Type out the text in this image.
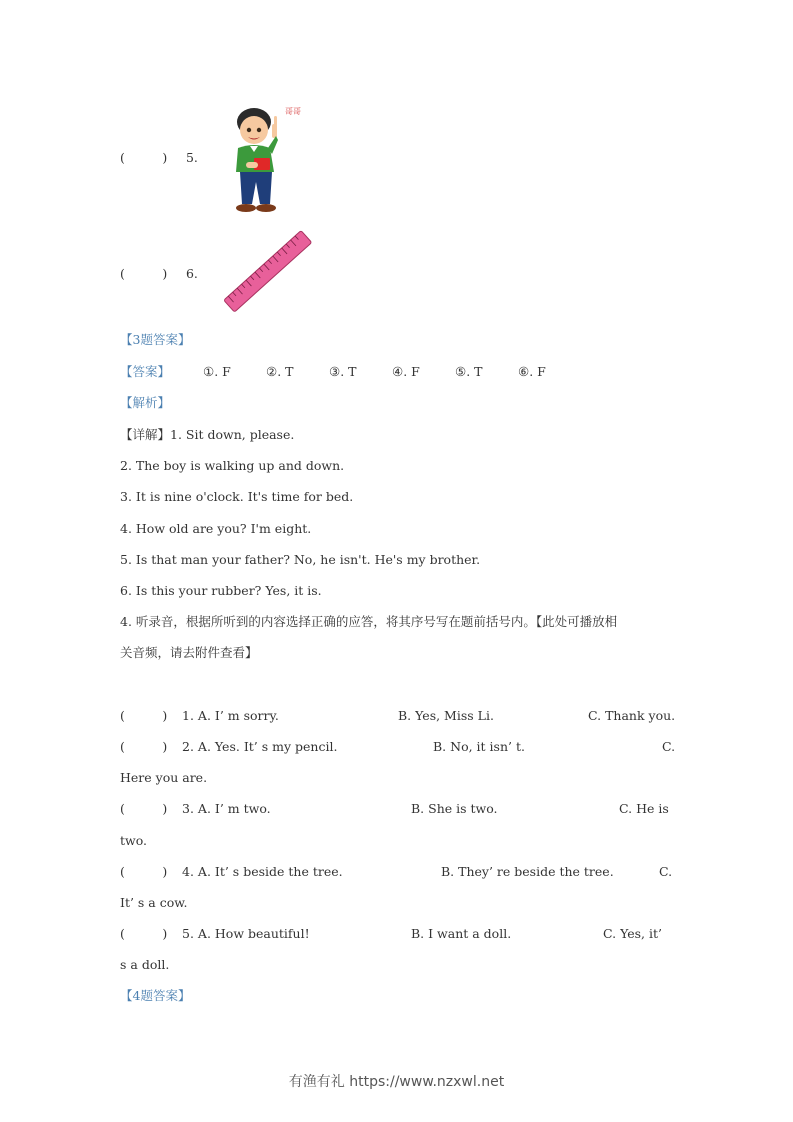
(　　　) 5.
哥哥
(　　　) 6.
【3题答案】
【答案】	①. F	②. T	③. T	④. F	⑤. T	⑥. F
【解析】
【详解】1. Sit down, please.
2. The boy is walking up and down.
3. It is nine o'clock. It's time for bed.
4. How old are you? I'm eight.
5. Is that man your father? No, he isn't. He's my brother.
6. Is this your rubber? Yes, it is.
4. 听录音，根据所听到的内容选择正确的应答，将其序号写在题前括号内。【此处可播放相
关音频，请去附件查看】
(　　　) 1. A. I’ m sorry.	B. Yes, Miss Li.	C. Thank you.
(　　　) 2. A. Yes. It’ s my pencil.	B. No, it isn’ t.	C.
Here you are.
(　　　) 3. A. I’ m two.	B. She is two.	C. He is
two.
(　　　) 4. A. It’ s beside the tree.	B. They’ re beside the tree.	C.
It’ s a cow.
(　　　) 5. A. How beautiful!	B. I want a doll.	C. Yes, it’
s a doll.
【4题答案】
有渔有礼 https://www.nzxwl.net
